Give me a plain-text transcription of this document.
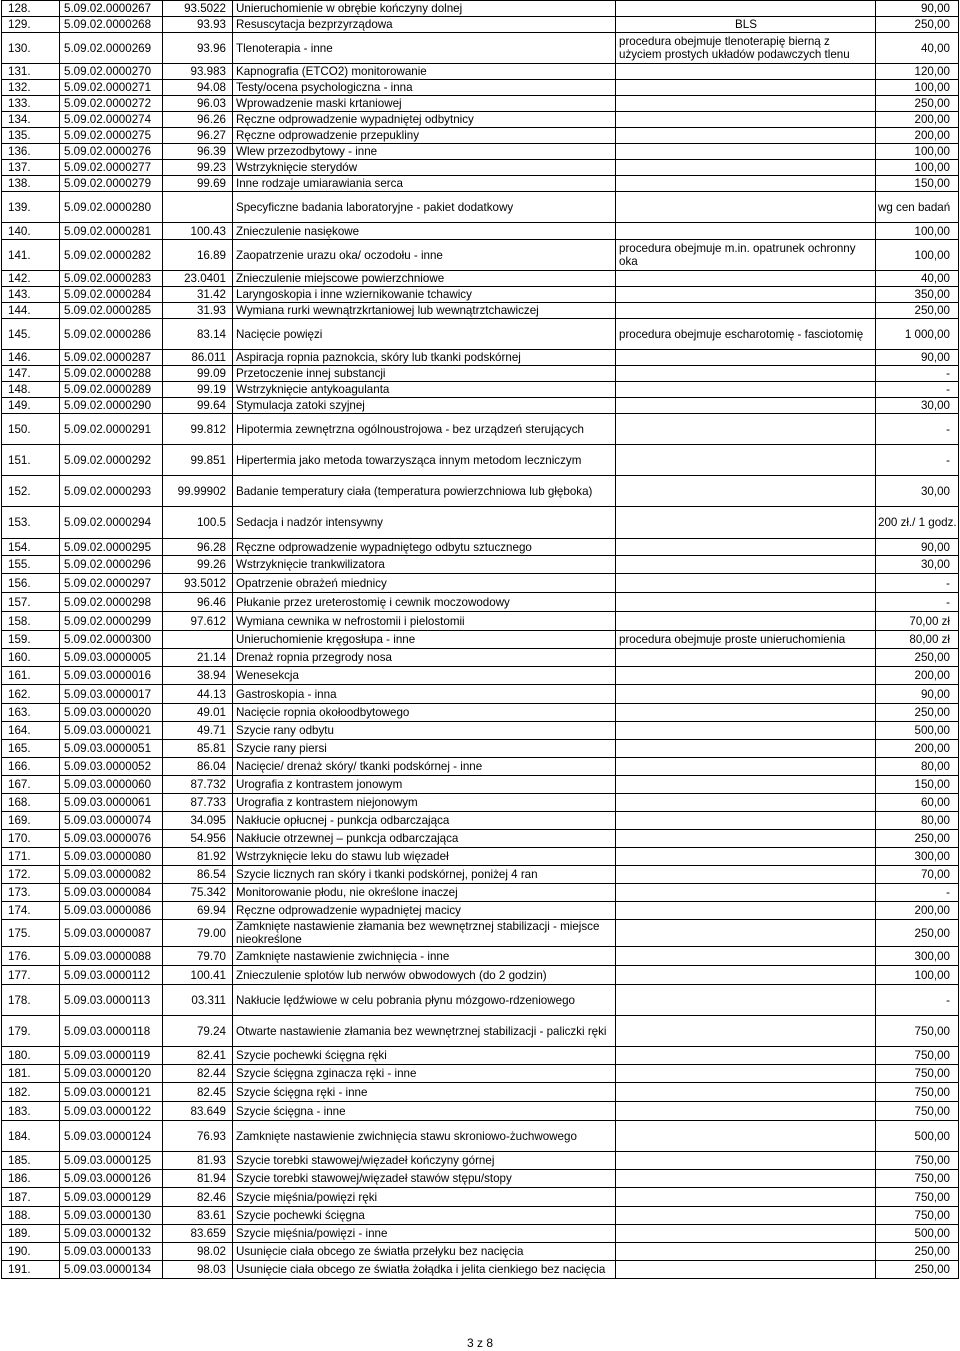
128.	5.09.02.0000267	93.5022	Unieruchomienie w obrębie kończyny dolnej		90,00
129.	5.09.02.0000268	93.93	Resuscytacja bezprzyrządowa	BLS	250,00
130.	5.09.02.0000269	93.96	Tlenoterapia - inne	procedura obejmuje tlenoterapię bierną z użyciem prostych układów podawczych tlenu	40,00
131.	5.09.02.0000270	93.983	Kapnografia (ETCO2) monitorowanie		120,00
132.	5.09.02.0000271	94.08	Testy/ocena psychologiczna - inna		100,00
133.	5.09.02.0000272	96.03	Wprowadzenie maski krtaniowej		250,00
134.	5.09.02.0000274	96.26	Ręczne odprowadzenie wypadniętej odbytnicy		200,00
135.	5.09.02.0000275	96.27	Ręczne odprowadzenie przepukliny		200,00
136.	5.09.02.0000276	96.39	Wlew przezodbytowy - inne		100,00
137.	5.09.02.0000277	99.23	Wstrzyknięcie sterydów		100,00
138.	5.09.02.0000279	99.69	Inne rodzaje umiarawiania serca		150,00
139.	5.09.02.0000280		Specyficzne badania laboratoryjne - pakiet dodatkowy		wg cen badań
140.	5.09.02.0000281	100.43	Znieczulenie nasiękowe		100,00
141.	5.09.02.0000282	16.89	Zaopatrzenie urazu oka/ oczodołu - inne	procedura obejmuje m.in. opatrunek ochronny oka	100,00
142.	5.09.02.0000283	23.0401	Znieczulenie miejscowe powierzchniowe		40,00
143.	5.09.02.0000284	31.42	Laryngoskopia i inne wziernikowanie tchawicy		350,00
144.	5.09.02.0000285	31.93	Wymiana rurki wewnątrzkrtaniowej lub wewnątrztchawiczej		250,00
145.	5.09.02.0000286	83.14	Nacięcie powięzi	procedura obejmuje escharotomię - fasciotomię	1 000,00
146.	5.09.02.0000287	86.011	Aspiracja ropnia paznokcia, skóry lub tkanki podskórnej		90,00
147.	5.09.02.0000288	99.09	Przetoczenie innej substancji		-
148.	5.09.02.0000289	99.19	Wstrzyknięcie antykoagulanta		-
149.	5.09.02.0000290	99.64	Stymulacja zatoki szyjnej		30,00
150.	5.09.02.0000291	99.812	Hipotermia zewnętrzna ogólnoustrojowa - bez urządzeń sterujących		-
151.	5.09.02.0000292	99.851	Hipertermia jako metoda towarzysząca innym metodom leczniczym		-
152.	5.09.02.0000293	99.99902	Badanie temperatury ciała (temperatura powierzchniowa lub głęboka)		30,00
153.	5.09.02.0000294	100.5	Sedacja i nadzór intensywny		200 zł./ 1 godz.
154.	5.09.02.0000295	96.28	Ręczne odprowadzenie wypadniętego odbytu sztucznego		90,00
155.	5.09.02.0000296	99.26	Wstrzyknięcie trankwilizatora		30,00
156.	5.09.02.0000297	93.5012	Opatrzenie obrażeń miednicy		-
157.	5.09.02.0000298	96.46	Płukanie przez ureterostomię i cewnik moczowodowy		-
158.	5.09.02.0000299	97.612	Wymiana cewnika w nefrostomii i pielostomii		70,00 zł
159.	5.09.02.0000300		Unieruchomienie kręgosłupa - inne	procedura obejmuje proste unieruchomienia	80,00 zł
160.	5.09.03.0000005	21.14	Drenaż ropnia przegrody nosa		250,00
161.	5.09.03.0000016	38.94	Wenesekcja		200,00
162.	5.09.03.0000017	44.13	Gastroskopia - inna		90,00
163.	5.09.03.0000020	49.01	Nacięcie ropnia okołoodbytowego		250,00
164.	5.09.03.0000021	49.71	Szycie rany odbytu		500,00
165.	5.09.03.0000051	85.81	Szycie rany piersi		200,00
166.	5.09.03.0000052	86.04	Nacięcie/ drenaż skóry/ tkanki podskórnej - inne		80,00
167.	5.09.03.0000060	87.732	Urografia z kontrastem jonowym		150,00
168.	5.09.03.0000061	87.733	Urografia z kontrastem niejonowym		60,00
169.	5.09.03.0000074	34.095	Nakłucie opłucnej - punkcja odbarczająca		80,00
170.	5.09.03.0000076	54.956	Nakłucie otrzewnej – punkcja odbarczająca		250,00
171.	5.09.03.0000080	81.92	Wstrzyknięcie leku do stawu lub więzadeł		300,00
172.	5.09.03.0000082	86.54	Szycie licznych ran skóry i tkanki podskórnej, poniżej 4 ran		70,00
173.	5.09.03.0000084	75.342	Monitorowanie płodu, nie określone inaczej		-
174.	5.09.03.0000086	69.94	Ręczne odprowadzenie wypadniętej macicy		200,00
175.	5.09.03.0000087	79.00	Zamknięte nastawienie złamania bez wewnętrznej stabilizacji - miejsce nieokreślone		250,00
176.	5.09.03.0000088	79.70	Zamknięte nastawienie zwichnięcia - inne		300,00
177.	5.09.03.0000112	100.41	Znieczulenie splotów lub nerwów obwodowych (do 2 godzin)		100,00
178.	5.09.03.0000113	03.311	Nakłucie lędźwiowe w celu pobrania płynu mózgowo-rdzeniowego		-
179.	5.09.03.0000118	79.24	Otwarte nastawienie złamania bez wewnętrznej stabilizacji - paliczki ręki		750,00
180.	5.09.03.0000119	82.41	Szycie pochewki ścięgna ręki		750,00
181.	5.09.03.0000120	82.44	Szycie ścięgna zginacza ręki - inne		750,00
182.	5.09.03.0000121	82.45	Szycie ścięgna ręki - inne		750,00
183.	5.09.03.0000122	83.649	Szycie ścięgna - inne		750,00
184.	5.09.03.0000124	76.93	Zamknięte nastawienie zwichnięcia stawu skroniowo-żuchwowego		500,00
185.	5.09.03.0000125	81.93	Szycie torebki stawowej/więzadeł kończyny górnej		750,00
186.	5.09.03.0000126	81.94	Szycie torebki stawowej/więzadeł stawów stępu/stopy		750,00
187.	5.09.03.0000129	82.46	Szycie mięśnia/powięzi ręki		750,00
188.	5.09.03.0000130	83.61	Szycie pochewki ścięgna		750,00
189.	5.09.03.0000132	83.659	Szycie mięśnia/powięzi - inne		500,00
190.	5.09.03.0000133	98.02	Usunięcie ciała obcego ze światła przełyku bez nacięcia		250,00
191.	5.09.03.0000134	98.03	Usunięcie ciała obcego ze światła żołądka i jelita cienkiego bez nacięcia		250,00
3 z 8
